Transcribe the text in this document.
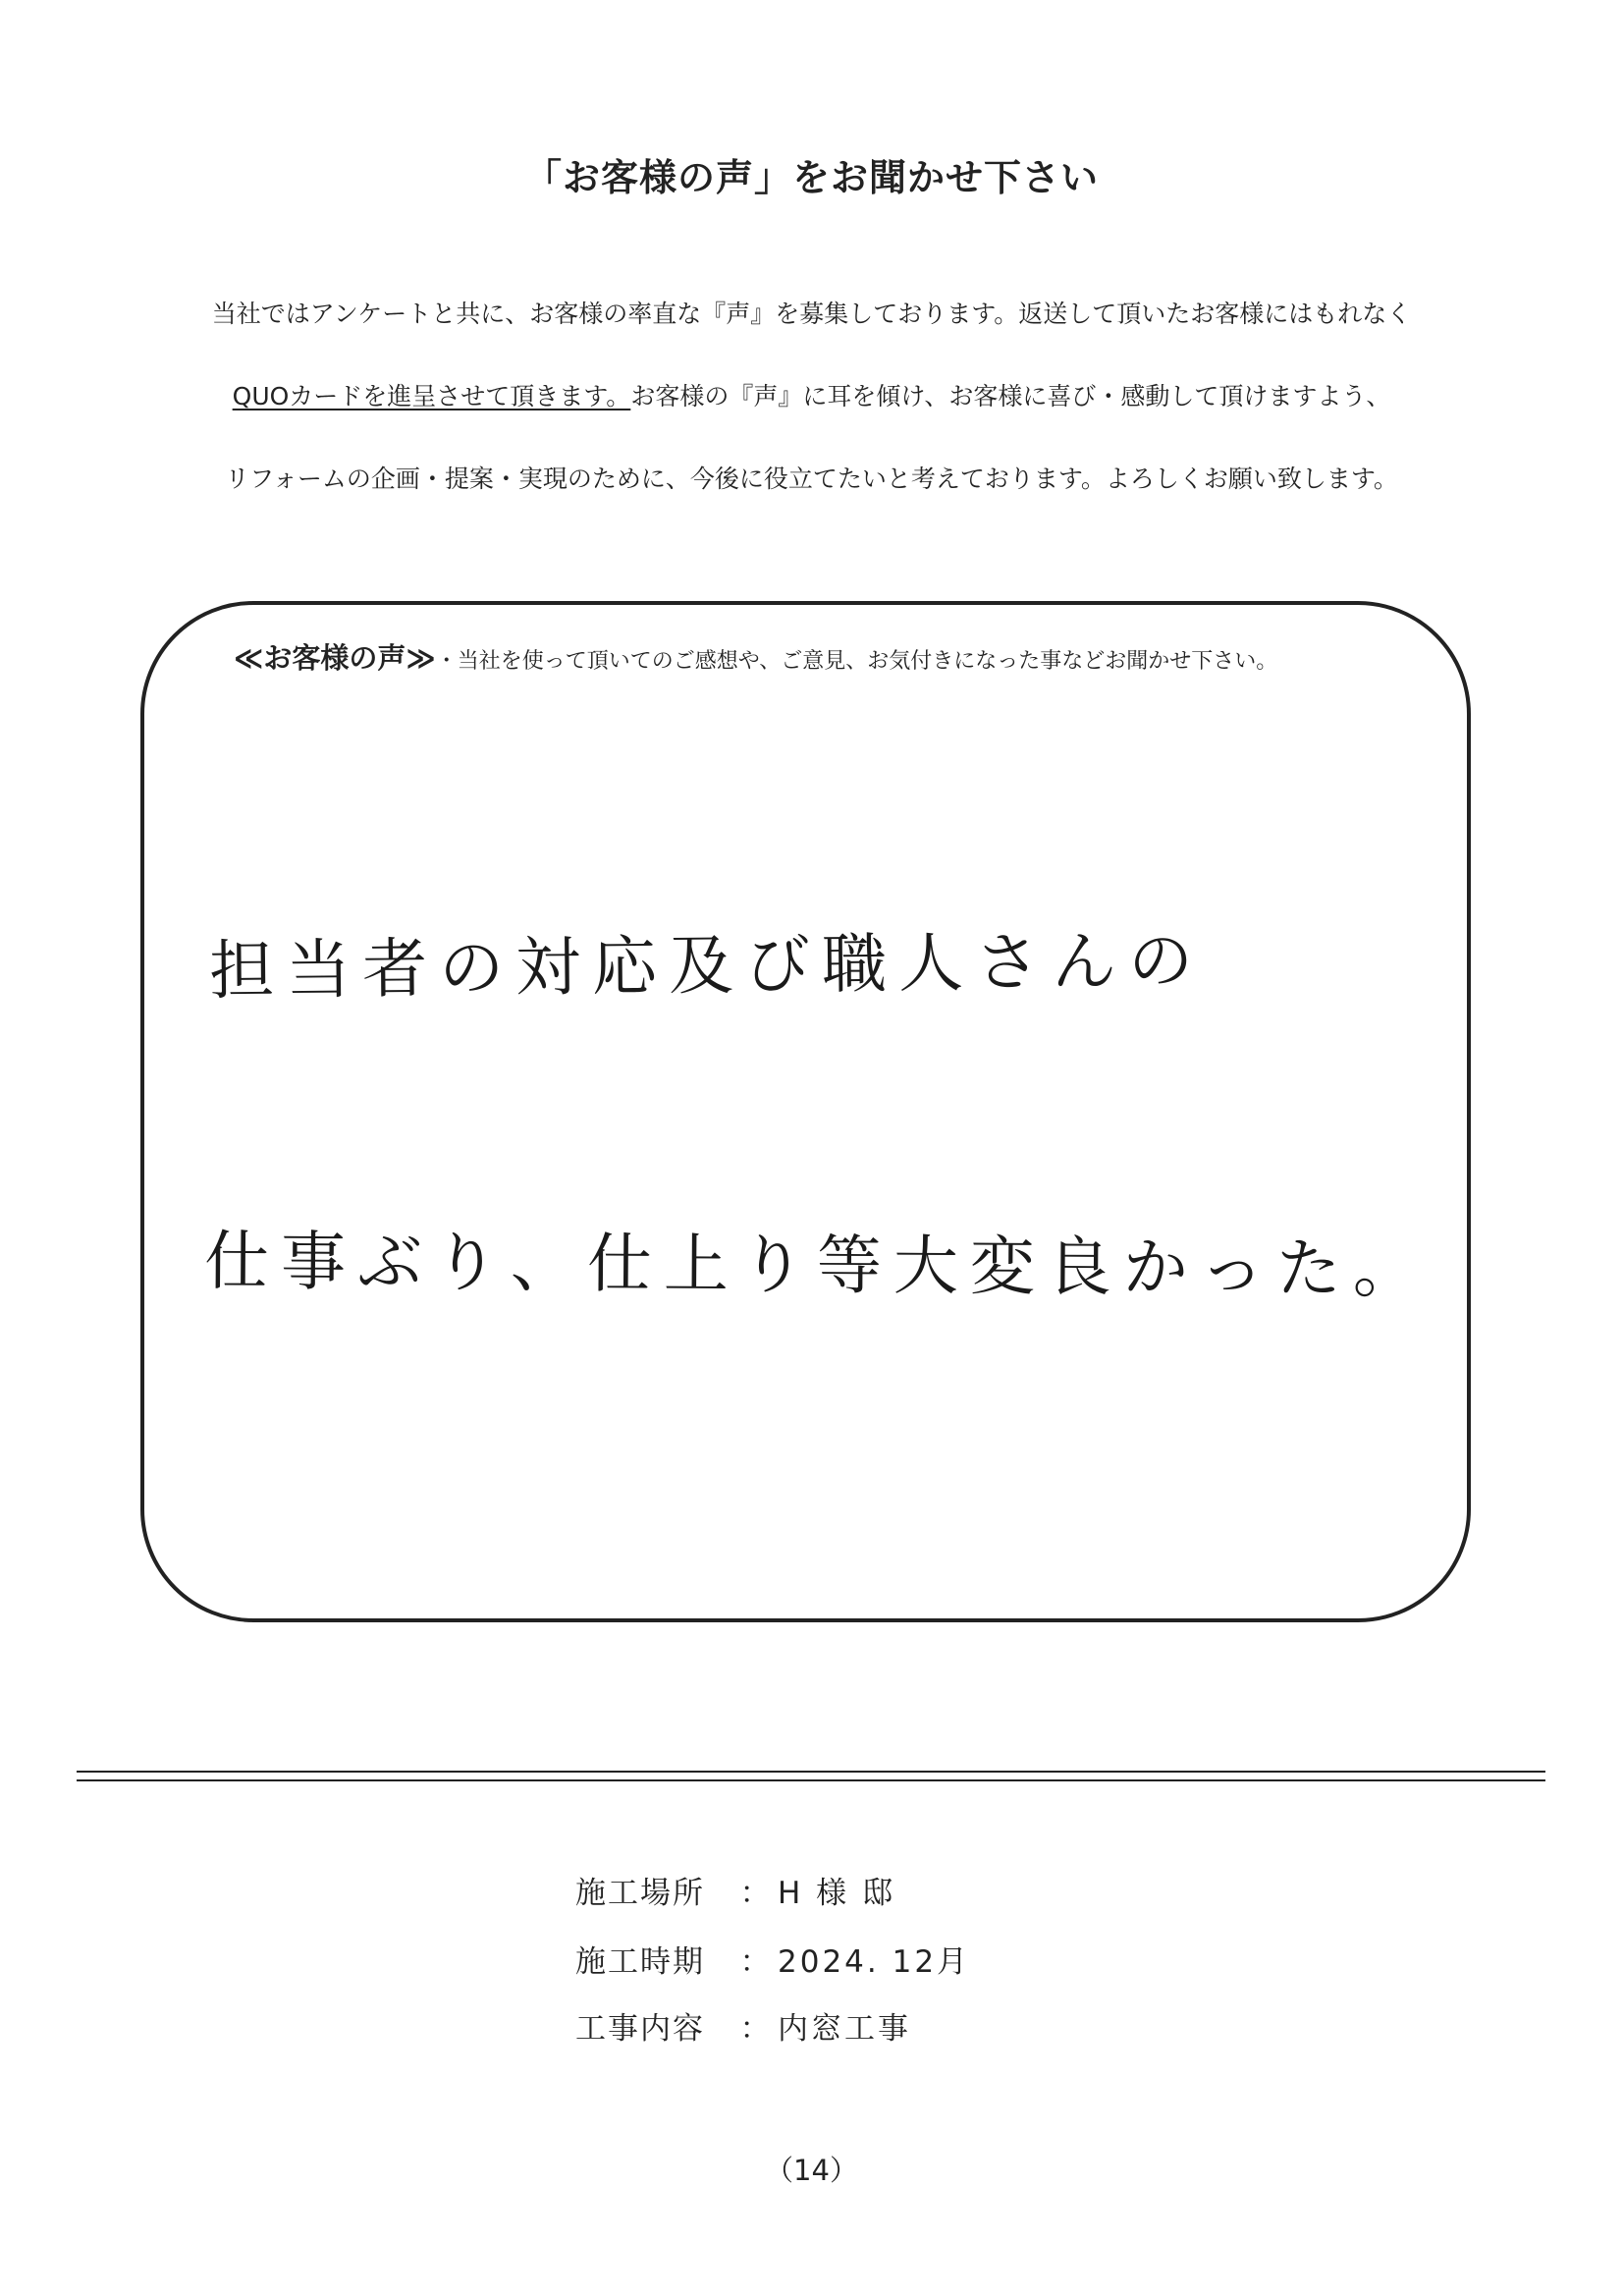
「お客様の声」をお聞かせ下さい
当社ではアンケートと共に、お客様の率直な『声』を募集しております。返送して頂いたお客様にはもれなく
QUOカードを進呈させて頂きます。お客様の『声』に耳を傾け、お客様に喜び・感動して頂けますよう、
リフォームの企画・提案・実現のために、今後に役立てたいと考えております。よろしくお願い致します。
≪お客様の声≫・当社を使って頂いてのご感想や、ご意見、お気付きになった事などお聞かせ下さい。
担当者の対応及び職人さんの
仕事ぶり、仕上り等大変良かった。
施工場所 ： H 様 邸
施工時期 ： 2024. 12月
工事内容 ： 内窓工事
（14）
